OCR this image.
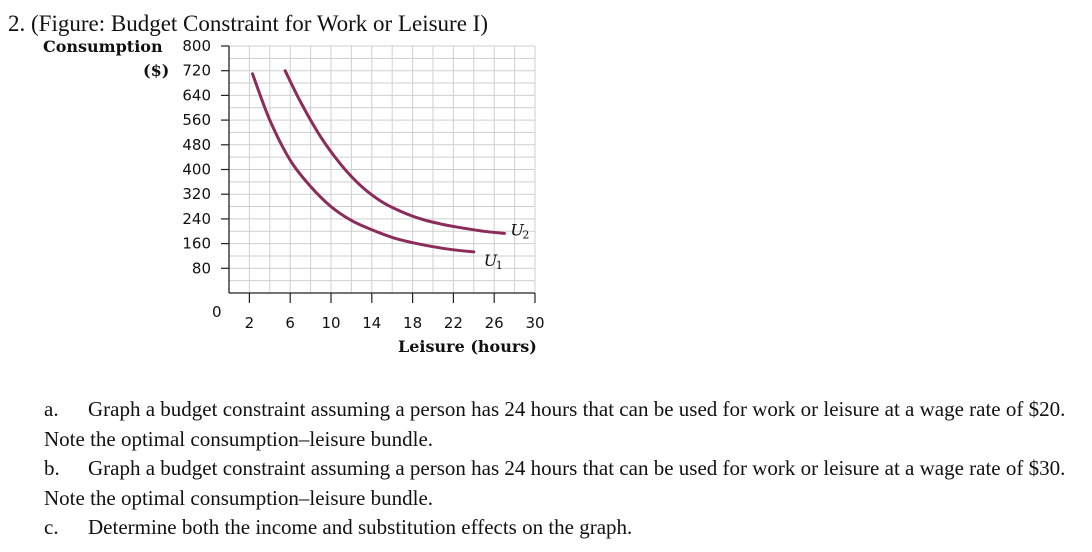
2. (Figure: Budget Constraint for Work or Leisure I)
80
160
240
320
400
480
560
640
720
800
2 6 10 14 18 22 26 30
Consumption
($)
Leisure (hours)
0
U
1
U
2

a. Graph a budget constraint assuming a person has 24 hours that can be used for work or leisure at a wage rate of $20. Note the optimal consumption–leisure bundle.

b. Graph a budget constraint assuming a person has 24 hours that can be used for work or leisure at a wage rate of $30. Note the optimal consumption–leisure bundle.

c. Determine both the income and substitution effects on the graph.
